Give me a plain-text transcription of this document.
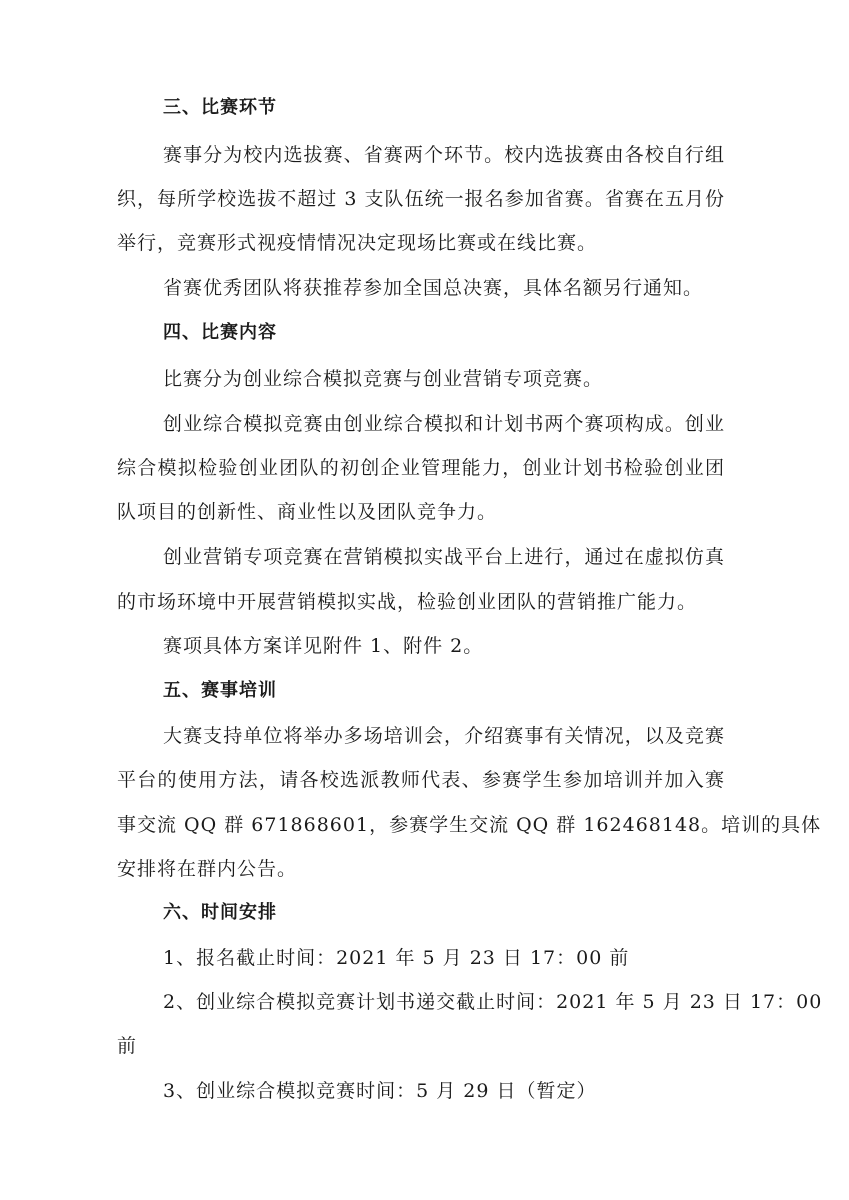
三、比赛环节
赛事分为校内选拔赛、省赛两个环节。校内选拔赛由各校自行组
织，每所学校选拔不超过 3 支队伍统一报名参加省赛。省赛在五月份
举行，竞赛形式视疫情情况决定现场比赛或在线比赛。
省赛优秀团队将获推荐参加全国总决赛，具体名额另行通知。
四、比赛内容
比赛分为创业综合模拟竞赛与创业营销专项竞赛。
创业综合模拟竞赛由创业综合模拟和计划书两个赛项构成。创业
综合模拟检验创业团队的初创企业管理能力，创业计划书检验创业团
队项目的创新性、商业性以及团队竞争力。
创业营销专项竞赛在营销模拟实战平台上进行，通过在虚拟仿真
的市场环境中开展营销模拟实战，检验创业团队的营销推广能力。
赛项具体方案详见附件 1、附件 2。
五、赛事培训
大赛支持单位将举办多场培训会，介绍赛事有关情况，以及竞赛
平台的使用方法，请各校选派教师代表、参赛学生参加培训并加入赛
事交流 QQ 群 671868601，参赛学生交流 QQ 群 162468148。培训的具体
安排将在群内公告。
六、时间安排
1、报名截止时间：2021 年 5 月 23 日 17：00 前
2、创业综合模拟竞赛计划书递交截止时间：2021 年 5 月 23 日 17：00
前
3、创业综合模拟竞赛时间：5 月 29 日（暂定）
